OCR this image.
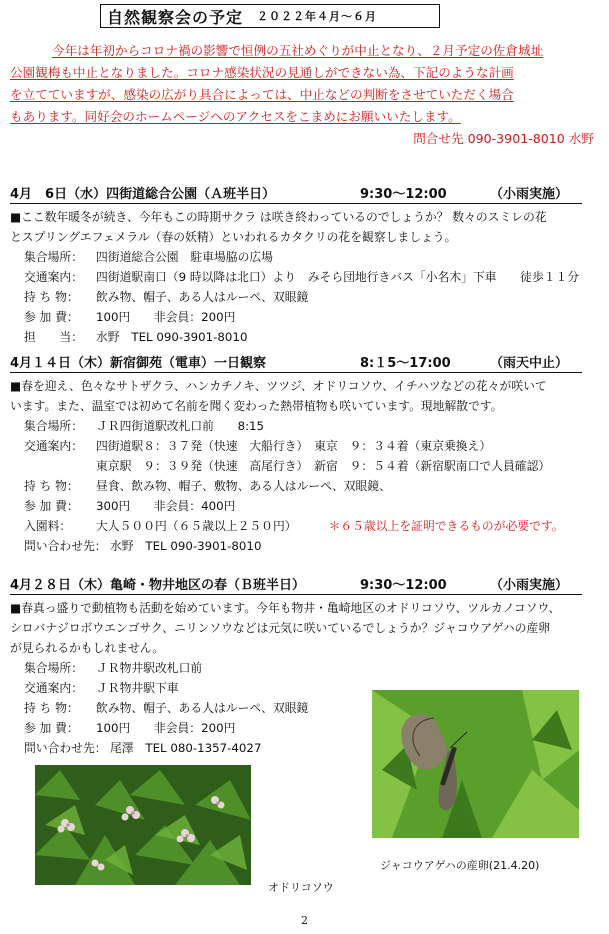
自然観察会の予定 ２０２２年４月～６月
今年は年初からコロナ禍の影響で恒例の五社めぐりが中止となり、２月予定の佐倉城址
公園観梅も中止となりました。コロナ感染状況の見通しができない為、下記のような計画
を立てていますが、感染の広がり具合によっては、中止などの判断をさせていただく場合
もあります。同好会のホームページへのアクセスをこまめにお願いいたします。
問合せ先 090-3901-8010 水野
4月　6日（水）四街道総合公園（Ａ班半日）	9:30～12:00	（小雨実施）
■ここ数年暖冬が続き、今年もこの時期サクラ は咲き終わっているのでしょうか？ 数々のスミレの花
とスプリングエフェメラル（春の妖精）といわれるカタクリの花を観察しましょう。
集合場所：	四街道総合公園　駐車場脇の広場
交通案内：	四街道駅南口（9 時以降は北口）より　みそら団地行きバス「小名木」下車　　徒歩１１分
持 ち 物：	飲み物、帽子、ある人はルーペ、双眼鏡
参 加 費：	100円　　非会員：200円
担　　当：	水野　TEL 090-3901-8010
4月１４日（木）新宿御苑（電車）一日観察	8:１5～17:00	（雨天中止）
■春を迎え、色々なサトザクラ、ハンカチノキ、ツツジ、オドリコソウ、イチハツなどの花々が咲いて
います。また、温室では初めて名前を聞く変わった熱帯植物も咲いています。現地解散です。
集合場所：	ＪＲ四街道駅改札口前　　8:15
交通案内：	四街道駅８：３７発（快速　大船行き）　東京　９：３４着（東京乗換え）
東京駅　９：３９発（快速　高尾行き）　新宿　９：５４着（新宿駅南口で人員確認）
持 ち 物：	昼食、飲み物、帽子、敷物、ある人はルーペ、双眼鏡、
参 加 費：	300円　　非会員：400円
入園料：	大人５００円（６５歳以上２５０円）	＊６５歳以上を証明できるものが必要です。
問い合わせ先： 水野　TEL 090-3901-8010
4月２８日（木）亀崎・物井地区の春（Ｂ班半日）	9:30～12:00	（小雨実施）
■春真っ盛りで動植物も活動を始めています。今年も物井・亀崎地区のオドリコソウ、ツルカノコソウ、
シロバナジロボウエンゴサク、ニリンソウなどは元気に咲いているでしょうか？ジャコウアゲハの産卵
が見られるかもしれません。
集合場所：	ＪＲ物井駅改札口前
交通案内：	ＪＲ物井駅下車
持 ち 物：	飲み物、帽子、ある人はルーペ、双眼鏡
参 加 費：	100円　　非会員：200円
問い合わせ先： 尾澤　TEL 080-1357-4027
オドリコソウ
ジャコウアゲハの産卵(21.4.20)
2
